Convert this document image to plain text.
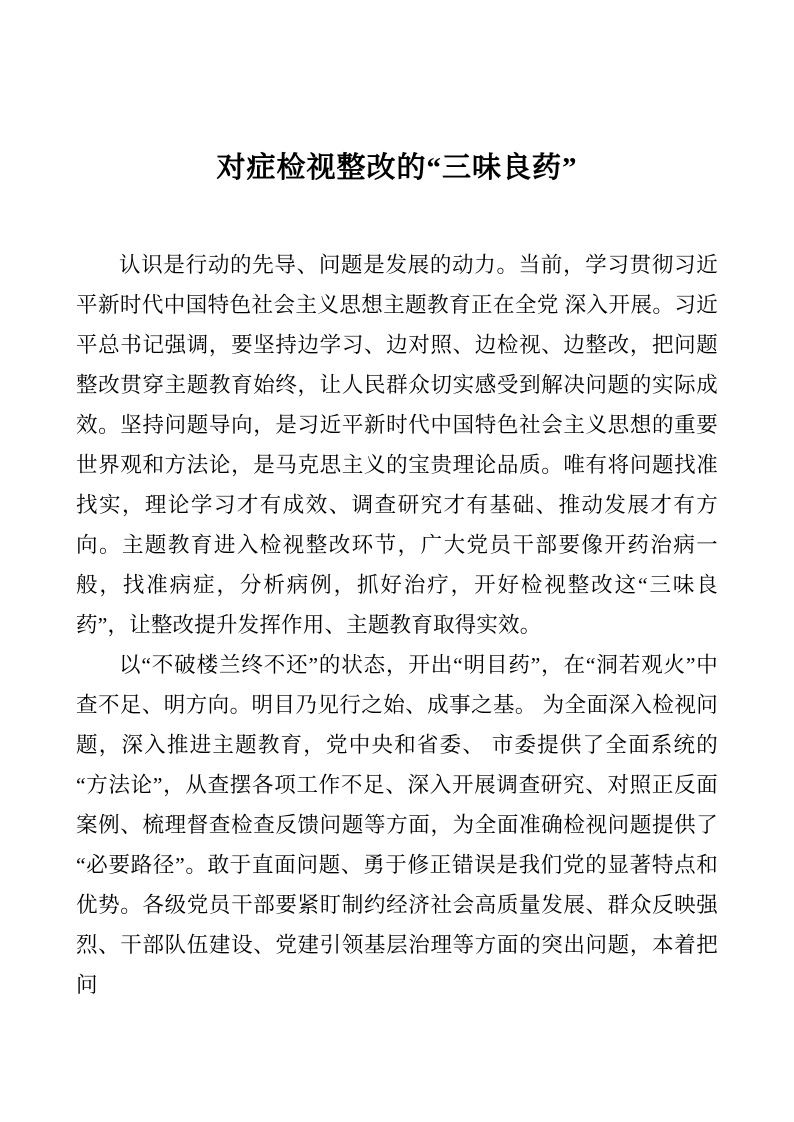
对症检视整改的“三味良药”

认识是行动的先导、问题是发展的动力。当前，学习贯彻习近平新时代中国特色社会主义思想主题教育正在全党 深入开展。习近平总书记强调，要坚持边学习、边对照、边检视、边整改，把问题整改贯穿主题教育始终，让人民群众切实感受到解决问题的实际成效。坚持问题导向，是习近平新时代中国特色社会主义思想的重要世界观和方法论，是马克思主义的宝贵理论品质。唯有将问题找准找实，理论学习才有成效、调查研究才有基础、推动发展才有方向。主题教育进入检视整改环节，广大党员干部要像开药治病一般，找准病症，分析病例，抓好治疗，开好检视整改这“三味良药”，让整改提升发挥作用、主题教育取得实效。

以“不破楼兰终不还”的状态，开出“明目药”，在“洞若观火”中查不足、明方向。明目乃见行之始、成事之基。 为全面深入检视问题，深入推进主题教育，党中央和省委、 市委提供了全面系统的“方法论”，从查摆各项工作不足、深入开展调查研究、对照正反面案例、梳理督查检查反馈问题等方面，为全面准确检视问题提供了“必要路径”。敢于直面问题、勇于修正错误是我们党的显著特点和优势。各级党员干部要紧盯制约经济社会高质量发展、群众反映强烈、干部队伍建设、党建引领基层治理等方面的突出问题，本着把问
